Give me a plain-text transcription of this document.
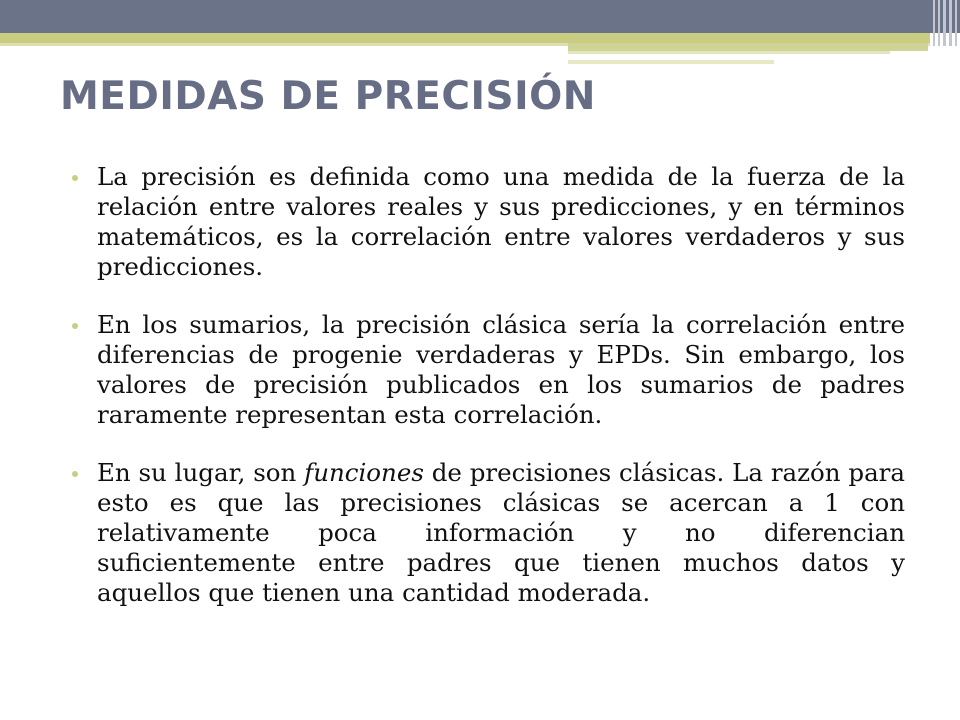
MEDIDAS DE PRECISIÓN
La precisión es definida como una medida de la fuerza de la relación entre valores reales y sus predicciones, y en términos matemáticos, es la correlación entre valores verdaderos y sus predicciones.
En los sumarios, la precisión clásica sería la correlación entre diferencias de progenie verdaderas y EPDs. Sin embargo, los valores de precisión publicados en los sumarios de padres raramente representan esta correlación.
En su lugar, son funciones de precisiones clásicas. La razón para esto es que las precisiones clásicas se acercan a 1 con relativamente poca información y no diferencian suficientemente entre padres que tienen muchos datos y aquellos que tienen una cantidad moderada.
